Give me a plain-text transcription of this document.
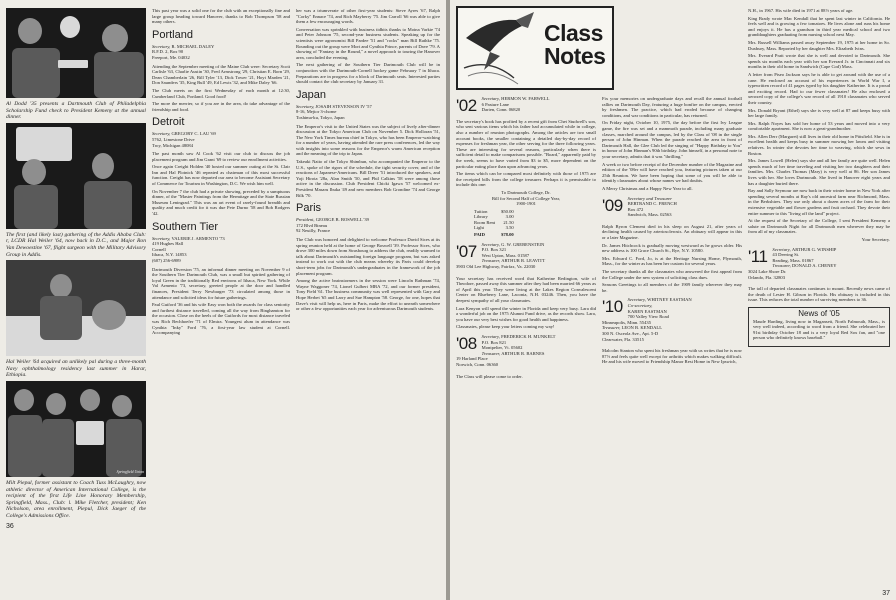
Al Dodd '35 presents a Dartmouth Club of Philadelphia Scholarship Fund check to President Kemeny at the annual dinner.

The first (and likely last) gathering of the Addis Ababa Club: r, LCDR Hal Weiler '64, now back in D.C., and Major Ron Van Dewoestine '67, flight surgeon with the Military Advisory Group in Addis.

Hal Weiler '64 acquired an unlikely pal during a three-month Navy ophthalmology residency last summer in Harar, Ethiopia.

Springfield Union

Milt Piepul, former assistant to Coach Tuss McLaughry, now athletic director of American International College, is the recipient of the first Life Line Honorary Membership, Springfield, Mass., Club: l. Mike Fletcher, president; Ken Nicholson, area enrollment, Piepul, Dick Jaeger of the College's Admissions Office.

36

This past year was a solid one for the club with an exceptionally fine and large group heading toward Hanover, thanks to Bob Thompson '58 and many others.

Portland
Secretary, R. MICHAEL DALEY
R.F.D. 2, Box 90
Freeport, Me. 04032

Attending the September meeting of the Maine Club were: Secretary Scott Carlisle '63, Charlie Austin '30, Fred Armstrong '29, Christian E. Born '29, Dean Chamberlain '26, Bill Tyler '13, Dick Tower '21, Hoyt Marden '21, Don Saunders '35, King Bull '49, Ed Lewis '32, and Mike Daley '66.

The Club meets on the first Wednesday of each month at 12:30, Cumberland Club, Portland. Good food!

The more the merrier, so if you are in the area, do take advantage of the friendship and food.

Detroit
Secretary, GREGORY C. LAU '69
5762, Limestone Drive
Troy, Michigan 48084

The past month saw Al Cook '62 visit our club to discuss the job placement program and Jim Grant '69 to review our enrollment activities.

Once again Creight Holden '40 hosted our summer outing at the St. Clair Inn and Hal Plotnick '46 repeated as chairman of this most successful function. Creight has now departed our area to become Assistant Secretary of Commerce for Tourism in Washington, D.C. We wish him well.

On November 7 the club had a private showing, preceded by a sumptuous dinner, of the "Master Paintings from the Hermitage and the State Russian Museum Leningrad." This was an art event of rarely-found breadth and quality and much credit for it was due Pete Durno '58 and Bob Rodgers '42.

Southern Tier
Secretary, VALERIE J. ARMENTO '73
419 Hughes Hall
Cornell
Ithaca, N.Y. 14853
(607) 256-6989

Dartmouth Diversion '75, an informal dinner meeting on November 9 of the Southern Tier Dartmouth Club, was a small but spirited gathering of loyal Green in the traditionally Red environs of Ithaca, New York. While Val Armento '73, secretary, greeted people at the door and handled finances, President Terry Newbarger '73 circulated among those in attendance and solicited ideas for future gatherings.

Paul Guiford '36 and his wife Easy won both the awards for class seniority and furthest distance travelled, coming all the way from Binghamton for the occasion. Close on the heels of the Guifords for most distance traveled was Rich Bechhoefer '71 of Elmira. Youngest alum in attendance was Cynthia "Inky" Ford '76, a first-year law student at Cornell. Accompanying

her was a triumverate of other first-year students: Steve Ayres '67, Ralph "Corky" Ennace '74, and Rich Mayberry '75. Jim Carroll '66 was able to give them a few encouraging words.

Conversation was sprinkled with business tidbits thanks to Moina Varkie '74 and Peter Johnson '75, second-year business students. Speaking up for the scientists were agronomist Bill Pardee '51 and "rocks" man Bill Rathke '75. Rounding out the group were Mort and Cynthia Prince, parents of Dave '79. A showing of "Fantasy in the Round," a novel approach to touring the Hanover area, concluded the evening.

The next gathering of the Southern Tier Dartmouth Club will be in conjunction with the Dartmouth-Cornell hockey game February 7 in Ithaca. Preparations are in progress for a block of Dartmouth seats. Interested parties should contact the club secretary by January 31.

Japan
Secretary, JOSAIH STEVENSON IV '57
8-16, Mejior 3-chome
Toshima-ku, Tokyo, Japan

The Emperor's visit to the United States was the subject of lively after-dinner discussion at the Tokyo American Club on November 5. Dick Holloran '51, The New York Times bureau chief in Tokyo, who has been Emperor-watching for a number of years, having attended the rare press conferences, led the way with insights into some reasons for the Emperor's warm American reception and the meaning of the trip to Japan.

Takeaki Naito of the Tokyo Shimbun, who accompanied the Emperor to the U.S., spoke of the rigors of the schedule, the tight security cover, and of the reactions of Japanese-Americans. Bill Dreer '51 introduced the speakers, and Yoji Hirota '28a, Alan Smith '50, and Phil Calkins '58 were among those active in the discussion. Club President Chicki Igawa '57 welcomed ex-President Masaru Ibuka '49 and new members Bob Grondine '74 and George Bilk '70.

Paris
President, GEORGE B. BOSWELL '39
172 Blvd Bineau
92 Neuilly, France

The Club was honored and delighted to welcome Professor David Sices at its spring reunion held at the home of George Boswell '39. Professor Sices, who drove 300 miles down from Strasbourg to address the club, readily warmed to talk about Dartmouth's outstanding foreign language program, but was asked instead to work out with the club means whereby its Paris could develop short-term jobs for Dartmouth's undergraduates in the framework of the job placement program.

Among the active brainstormers in the session were Lincoln Rathman '74, Wayne Waggoner '74, Lionel Gulbert MBA '72, and our former president, Tony Field '61. The business community was well represented with Gary and Hope Herbet '65 and Larry and Sue Hampton '58. George, for one, hopes that Dave's visit will help us, here in Paris, make the effort to unearth somewhere or other a few opportunities each year for adventurous Dartmouth students.

Class
Notes
'02	Secretary, HERMON W. FARWELL
6 Pasture Lane
Darien, Conn. 06820

The secretary's book has profited by a recent gift from Chet Studwell's son, who sent various items which his father had accumulated while in college, also a number of reunion photographs. Among the articles are two small account books, the smaller containing a detailed day-by-day record of expenses for freshman year, the other serving for the three following years. These are interesting for several reasons, particularly when there is sufficient detail to make comparisons possible. "Board," apparently paid by the week, seems to have varied from $3 to $5, more dependent on the particular eating place than upon advancing years.

The items which can be compared most definitely with those of 1975 are the receipted bills from the college treasurer. Perhaps it is permissible to include this one:

To Dartmouth College, Dr.
Bill for Second Half of College Year,
1900-1901
Tuition	$50.00
Library	3.00
Room Rent	21.50
Light	3.50
PAID	$78.00
'07	Secretary, G. W. GREBENSTEIN
P.O. Box 321
West Upton, Mass. 01587
Treasurer, ARTHUR R. LEAVITT
3903 Old Lee Highway, Fairfax, Va. 22030

Your secretary has received word that Katherine Redington, wife of Theodore, passed away this summer after they had been married 66 years as of April this year. They were living at the Lakes Region Convalescent Center on Blueberry Lane, Laconia, N.H. 03246. Then, you have the deepest sympathy of all your classmates.

Lara Kenyon will spend the winter in Florida and keep very busy. Lara did a wonderful job on the 1975 Alumni Fund drive, as the records show. Lara, you have our very best wishes for good health and happiness.

Classmates, please keep your letters coming my way!

'08	Secretary, FREDERICK H. MUNKELT
P.O. Box 821
Montpelier, Vt. 05602
Treasurer, ARTHUR R. BARNES
19 Harland Place
Norwich, Conn. 06360

The Class will please come to order.

Fix your memories on undergraduate days and recall the annual football rallies on Dartmouth Day, featuring a huge bonfire on the campus, erected by freshmen. The practice, which had eroded because of changing conditions, and war conditions in particular, has returned.

On Friday night, October 10, 1975, the day before the first Ivy League game, the fire was set and a mammoth parade, including many graduate classes, marched around the campus, led by the Class of '08 in the single person of John Hinman. When the parade reached the area in front of Dartmouth Hall, the Glee Club led the singing of "Happy Birthday to You" in honor of John Hinman's 90th birthday. John himself, in a personal note to your secretary, admits that it was "thrilling."

A week or two before receipt of the December number of the Magazine and edition of the '08er will have reached you, featuring pictures taken at our 25th Reunion. We have been hoping that some of you will be able to identify classmates about whose names we had doubts.

A Merry Christmas and a Happy New Year to all.

'09	Secretary and Treasurer
BERTRAND C. FRENCH
Box 472
Sandwich, Mass. 02563

Ralph Byron Clement died in his sleep on August 21, after years of declining health caused by arteriosclerosis. An obituary will appear in this or a later Magazine.

Dr. James Hitchcock is gradually moving westward as he grows older. His new address is 100 Grace Church St., Rye, N.Y. 10580.

Mrs. Edward C. Ford, Jo, is at the Heritage Nursing Home, Plymouth, Mass., for the winter as has been her custom for several years.

The secretary thanks all the classmates who answered the first appeal from the College under the new system of soliciting class dues.

Seasons Greetings to all members of the 1909 family wherever they may be.

'10	Secretary, WHITNEY EASTMAN
Co-secretary,
KAREN EASTMAN
700 Valley View Road
Minneapolis, Minn. 55435
Treasurer, LEON B. KENDALL
300 N. Osceola Ave., Apt. 5-D
Clearwater, Fla. 33515

Malcolm Stanton who spent his freshman year with us writes that he is now 87½ and feels quite well except for arthritis which makes walking difficult. He and his wife moved to Friendship Manor Rest Home in New Ipswich,

N.H., in 1967. His wife died in 1971 at 88½ years of age.

King Brady wrote Mac Kendall that he spent last winter in California. He feels well and is growing a few tomatoes. He lives alone and runs his home and enjoys it. He has a grandson in third year medical school and two granddaughters graduating from nursing school next May.

Mrs. Russell Williams passed away September 19, 1975 at her home in So. Duxbury, Mass. Reported by her daughter Mrs. Elizabeth Ivins.

Mrs. Everard Pratt wrote that she is well and devoted to Dartmouth. She spends six months each year with her son Everard Jr. in Cincinnati and six months in their old home in Sandwich (Cape Cod) Mass.

A letter from Piseo Jackson says he is able to get around with the use of a cane. He enclosed an account of his experiences in World War I, a typewritten record of 41 pages typed by his daughter Katherine. It is a proud and exciting record. Had to our fewer classmates! He also enclosed a xeroxed copy of the college's war record of all 1910 classmates who served their country.

Mrs. Donald Bryant (Ethel) says she is very well at 87 and keeps busy with her large family.

Mrs. Ralph Noyes has sold her home of 53 years and moved into a very comfortable apartment. She is now a great-grandmother.

Mrs. Allen Derr (Margaret) still lives in their old home in Pittsfield. She is in excellent health and keeps busy in summer mowing her lawns and visiting relatives. In winter she devotes her time to weaving, which she sews in Boston.

Mrs. James Lowell (Helen) says she and all her family are quite well. Helen spends much of her time traveling and visiting her two daughters and their families. Mrs. Charles Thomas (Mary) is very well at 86. Her son James lives with her. She loves Dartmouth. She lived in Hanover eight years and has a daughter buried there.

Ray and Sally Seymour are now back in their winter home in New York after spending several months at Ray's old ancestral farm near Richmond, Mass. in the Berkshires. They use only about a dozen acres of the farm for their extensive vegetable and flower gardens and fruit orchard. They devote their entire summer to this "living off the land" project.

At the request of the Secretary of the College, I sent President Kemeny a salute on Dartmouth Night for all Dartmouth men wherever they may be from all of my classmates.

Your Secretary.

'11	Secretary, ARTHUR G. WINSHIP
43 Deering St.
Reading, Mass. 01867
Treasurer, DONALD A. CHENEY
3024 Lake Shore Dr.
Orlando, Fla. 32803

The toll of departed classmates continues to mount. Recently news came of the death of Lester H. Gibson in Florida. His obituary is included in this issue. This reduces the total number of surviving members to 36.

News of '05

Maude Harding, living now in Magansett, North Falmouth, Mass., is very well indeed, according to word from a friend. She celebrated her 91st birthday October 18 and is a very loyal Red Sox fan, and "one person who definitely knows baseball."

37
